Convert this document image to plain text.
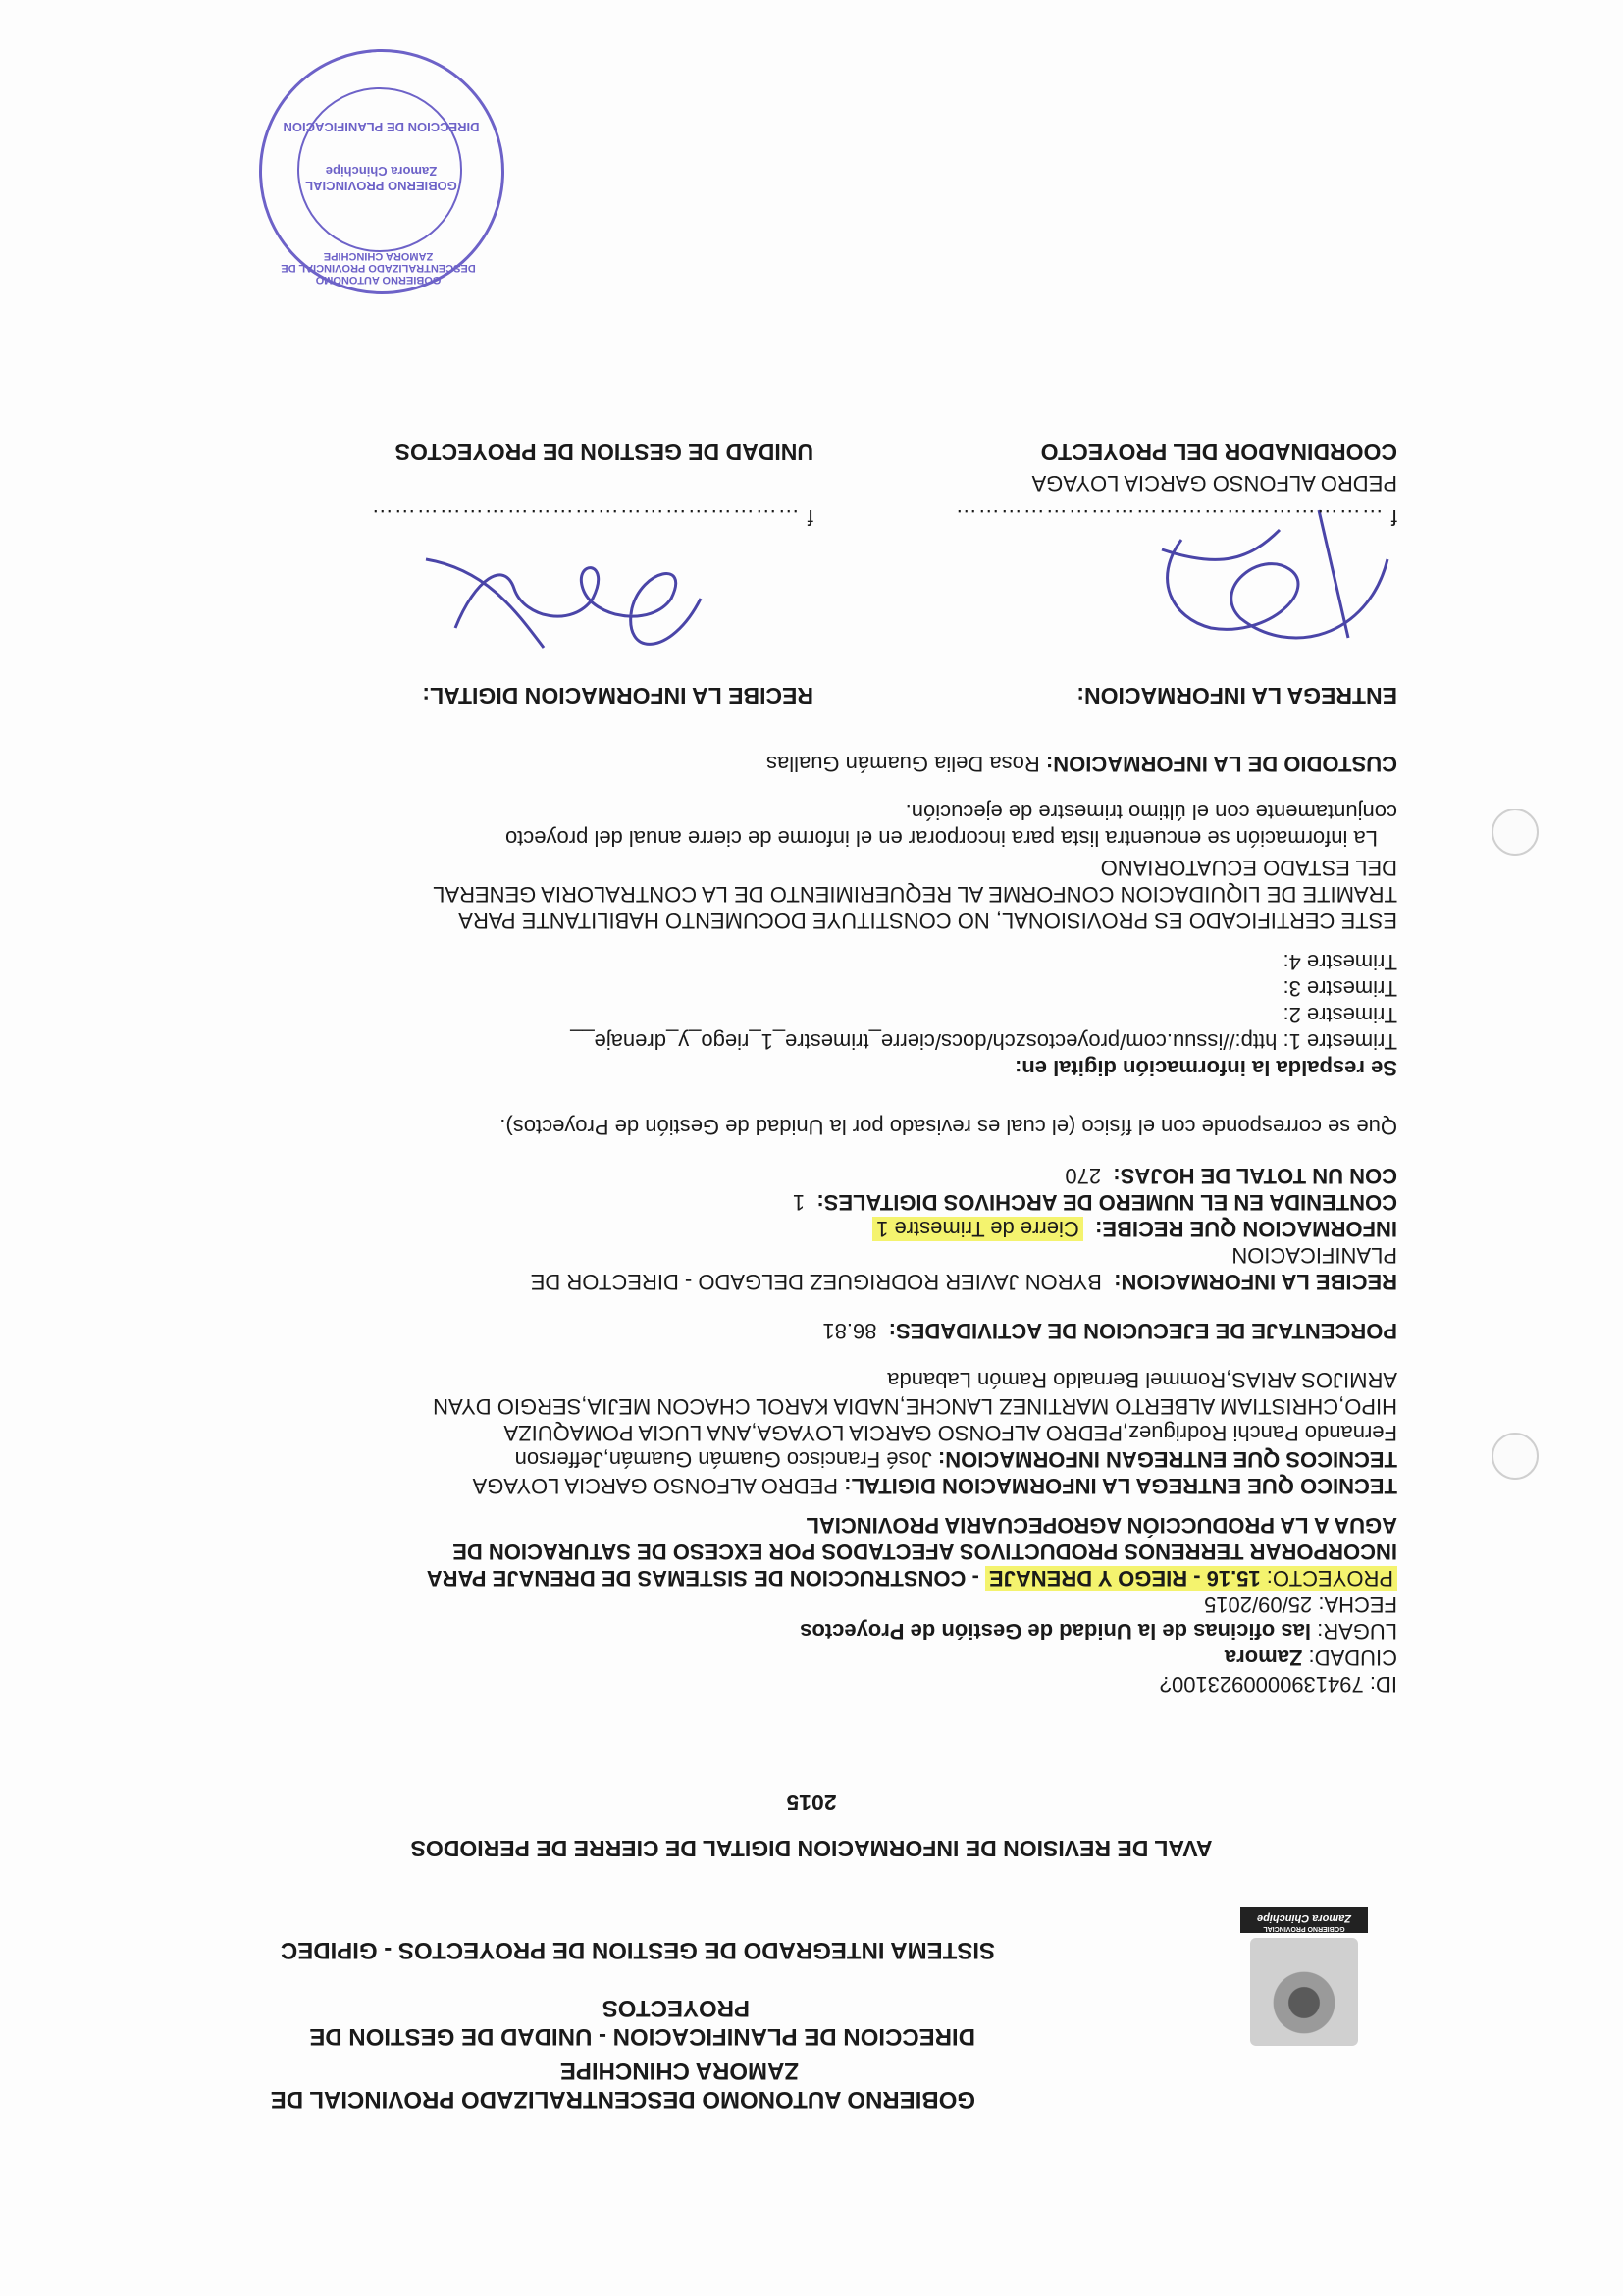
GOBIERNO PROVINCIAL
Zamora Chinchipe
GOBIERNO AUTONOMO DESCENTRALIZADO PROVINCIAL DE
ZAMORA CHINCHIPE
DIRECCION DE PLANIFICACION - UNIDAD DE GESTION DE
PROYECTOS
SISTEMA INTEGRADO DE GESTION DE PROYECTOS - GIPIDEC
AVAL DE REVISION DE INFORMACION DIGITAL DE CIERRE DE PERIODOS
2015
ID: 7941390000923100?
CIUDAD: Zamora
LUGAR: las oficinas de la Unidad de Gestión de Proyectos
FECHA: 25/09/2015
PROYECTO: 15.16 - RIEGO Y DRENAJE - CONSTRUCCION DE SISTEMAS DE DRENAJE PARA
INCORPORAR TERRENOS PRODUCTIVOS AFECTADOS POR EXCESO DE SATURACION DE
AGUA A LA PRODUCCIÓN AGROPECUARIA PROVINCIAL
TECNICO QUE ENTREGA LA INFORMACION DIGITAL: PEDRO ALFONSO GARCIA LOYAGA
TECNICOS QUE ENTREGAN INFORMACION: José Francisco Guamán Guamán,Jefferson
Fernando Panchi Rodriguez,PEDRO ALFONSO GARCIA LOYAGA,ANA LUCIA POMAQUIZA
HIPO,CHRISTIAM ALBERTO MARTINEZ LANCHE,NADIA KAROL CHACON MEJIA,SERGIO DYAN
ARMIJOS ARIAS,Rommel Bernaldo Ramón Labanda
PORCENTAJE DE EJECUCION DE ACTIVIDADES:  86.81
RECIBE LA INFORMACION:  BYRON JAVIER RODRIGUEZ DELGADO - DIRECTOR DE
PLANIFICACION
INFORMACION QUE RECIBE:  Cierre de Trimestre 1
CONTENIDA EN EL NUMERO DE ARCHIVOS DIGITALES:  1
CON UN TOTAL DE HOJAS:  270
Que se corresponde con el físico (el cual es revisado por la Unidad de Gestión de Proyectos).
Se respalda la información digital en:
Trimestre 1: http://issuu.com/proyectoszch/docs/cierre_trimestre_1_riego_y_drenaje__
Trimestre 2:
Trimestre 3:
Trimestre 4:
ESTE CERTIFICADO ES PROVISIONAL, NO CONSTITUYE DOCUMENTO HABILITANTE PARA
TRAMITE DE LIQUIDACION CONFORME AL REQUERIMIENTO DE LA CONTRALORIA GENERAL
DEL ESTADO ECUATORIANO
La información se encuentra lista para incorporar en el informe de cierre anual del proyecto
conjuntamente con el último trimestre de ejecución.
CUSTODIO DE LA INFORMACION: Rosa Delia Guamán Guallas
ENTREGA LA INFORMACION:
RECIBE LA INFORMACION DIGITAL:
f …………………………………………………
f …………………………………………………
PEDRO ALFONSO GARCIA LOYAGA
COORDINADOR DEL PROYECTO
UNIDAD DE GESTION DE PROYECTOS
GOBIERNO AUTONOMO DESCENTRALIZADO PROVINCIAL DE ZAMORA CHINCHIPE
GOBIERNO PROVINCIAL
Zamora Chinchipe

DIRECCION DE PLANIFICACION
